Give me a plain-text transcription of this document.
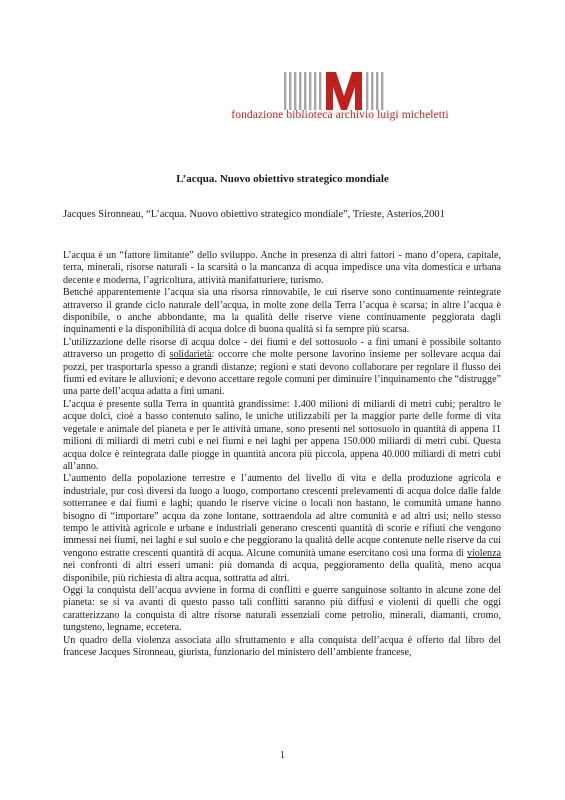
fondazione biblioteca archivio luigi micheletti
L’acqua. Nuovo obiettivo strategico mondiale
Jacques Sironneau, “L’acqua. Nuovo obiettivo strategico mondiale”, Trieste, Asterios,2001

L’acqua è un “fattore limitante” dello sviluppo. Anche in presenza di altri fattori - mano d’opera, capitale, terra, minerali, risorse naturali - la scarsità o la mancanza di acqua impedisce una vita domestica e urbana decente e moderna, l’agricoltura, attività manifatturiere, turismo.

Benché apparentemente l’acqua sia una risorsa rinnovabile, le cui riserve sono continuamente reintegrate attraverso il grande ciclo naturale dell’acqua, in molte zone della Terra l’acqua è scarsa; in altre l’acqua è disponibile, o anche abbondante, ma la qualità delle riserve viene continuamente peggiorata dagli inquinamenti e la disponibilità di acqua dolce di buona qualità si fa sempre più scarsa.

L’utilizzazione delle risorse di acqua dolce - dei fiumi e del sottosuolo - a fini umani è possibile soltanto attraverso un progetto di solidarietà: occorre che molte persone lavorino insieme per sollevare acqua dai pozzi, per trasportarla spesso a grandi distanze; regioni e stati devono collaborare per regolare il flusso dei fiumi ed evitare le alluvioni; e devono accettare regole comuni per diminuire l’inquinamento che “distrugge” una parte dell’acqua adatta a fini umani.

L’acqua è presente sulla Terra in quantità grandissime: 1.400 milioni di miliardi di metri cubi; peraltro le acque dolci, cioè a basso contenuto salino, le uniche utilizzabili per la maggior parte delle forme di vita vegetale e animale del pianeta e per le attività umane, sono presenti nel sottosuolo in quantità di appena 11 milioni di miliardi di metri cubi e nei fiumi e nei laghi per appena 150.000 miliardi di metri cubi. Questa acqua dolce è reintegrata dalle piogge in quantità ancora più piccola, appena 40.000 miliardi di metri cubi all’anno.

L’aumento della popolazione terrestre e l’aumento del livello di vita e della produzione agricola e industriale, pur così diversi da luogo a luogo, comportano crescenti prelevamenti di acqua dolce dalle falde sotterranee e dai fiumi e laghi; quando le riserve vicine o locali non bastano, le comunità umane hanno bisogno di “importare” acqua da zone lontane, sottraendola ad altre comunità e ad altri usi; nello stesso tempo le attività agricole e urbane e industriali generano crescenti quantità di scorie e rifiuti che vengono immessi nei fiumi, nei laghi e sul suolo e che peggiorano la qualità delle acque contenute nelle riserve da cui vengono estratte crescenti quantità di acqua. Alcune comunità umane esercitano così una forma di violenza nei confronti di altri esseri umani: più domanda di acqua, peggioramento della qualità, meno acqua disponibile, più richiesta di altra acqua, sottratta ad altri.

Oggi la conquista dell’acqua avviene in forma di conflitti e guerre sanguinose soltanto in alcune zone del pianeta: se si va avanti di questo passo tali conflitti saranno più diffusi e violenti di quelli che oggi caratterizzano la conquista di altre risorse naturali essenziali come petrolio, minerali, diamanti, cromo, tungsteno, legname, eccetera.

Un quadro della violenza associata allo sfruttamento e alla conquista dell’acqua è offerto dal libro del francese Jacques Sironneau, giurista, funzionario del ministero dell’ambiente francese,

1
